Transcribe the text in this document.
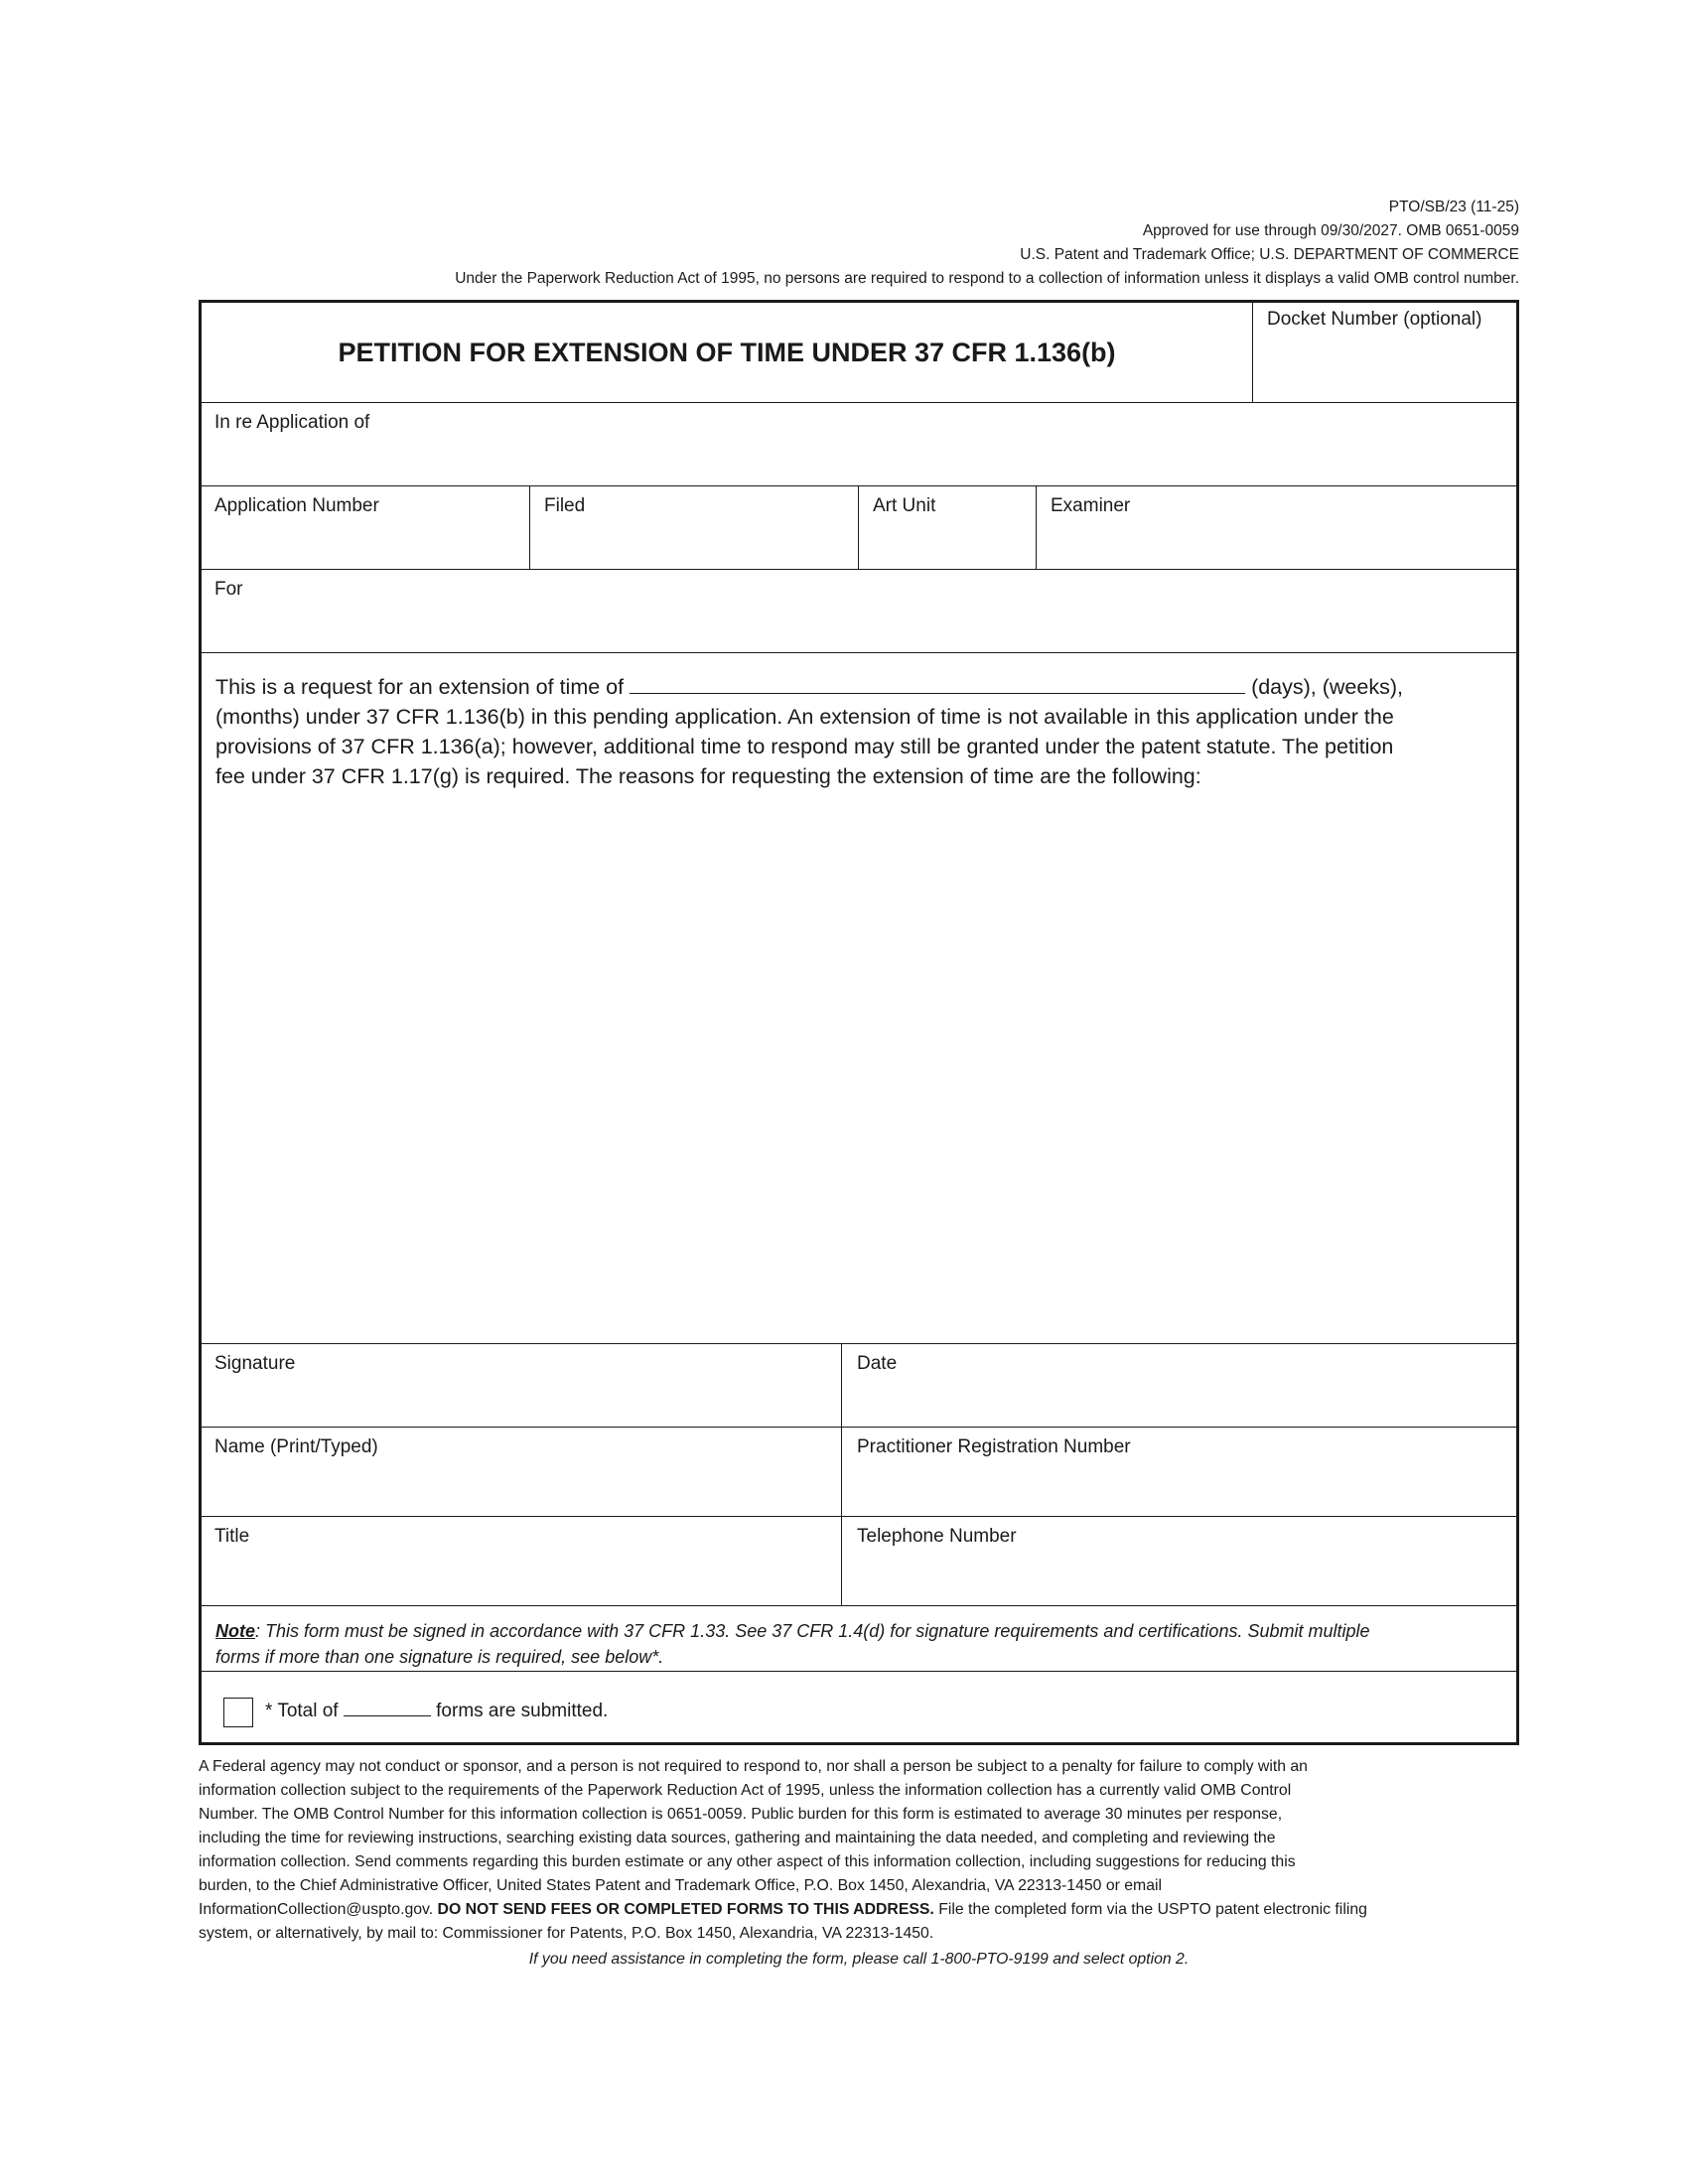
PTO/SB/23 (11-25)
Approved for use through 09/30/2027. OMB 0651-0059
U.S. Patent and Trademark Office; U.S. DEPARTMENT OF COMMERCE
Under the Paperwork Reduction Act of 1995, no persons are required to respond to a collection of information unless it displays a valid OMB control number.
PETITION FOR EXTENSION OF TIME UNDER 37 CFR 1.136(b)
Docket Number (optional)
In re Application of
Application Number	Filed	Art Unit	Examiner
For

This is a request for an extension of time of	(days), (weeks),

(months) under 37 CFR 1.136(b) in this pending application. An extension of time is not available in this application under the

provisions of 37 CFR 1.136(a); however, additional time to respond may still be granted under the patent statute. The petition

fee under 37 CFR 1.17(g) is required. The reasons for requesting the extension of time are the following:

Signature	Date
Name (Print/Typed)	Practitioner Registration Number
Title	Telephone Number
Note: This form must be signed in accordance with 37 CFR 1.33. See 37 CFR 1.4(d) for signature requirements and certifications. Submit multiple
forms if more than one signature is required, see below*.
* Total of	forms are submitted.
A Federal agency may not conduct or sponsor, and a person is not required to respond to, nor shall a person be subject to a penalty for failure to comply with an
information collection subject to the requirements of the Paperwork Reduction Act of 1995, unless the information collection has a currently valid OMB Control
Number. The OMB Control Number for this information collection is 0651-0059. Public burden for this form is estimated to average 30 minutes per response,
including the time for reviewing instructions, searching existing data sources, gathering and maintaining the data needed, and completing and reviewing the
information collection. Send comments regarding this burden estimate or any other aspect of this information collection, including suggestions for reducing this
burden, to the Chief Administrative Officer, United States Patent and Trademark Office, P.O. Box 1450, Alexandria, VA 22313-1450 or email
InformationCollection@uspto.gov. DO NOT SEND FEES OR COMPLETED FORMS TO THIS ADDRESS. File the completed form via the USPTO patent electronic filing
system, or alternatively, by mail to: Commissioner for Patents, P.O. Box 1450, Alexandria, VA 22313-1450.
If you need assistance in completing the form, please call 1-800-PTO-9199 and select option 2.
